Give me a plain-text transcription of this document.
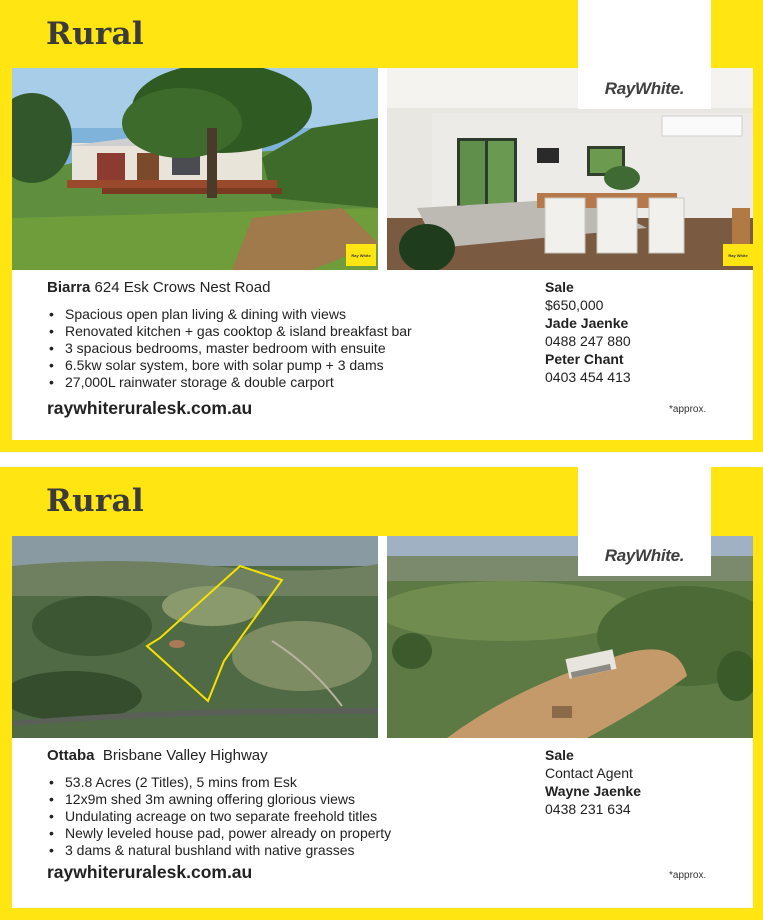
Rural
Ray White	Ray White

Biarra 624 Esk Crows Nest Road

• Spacious open plan living & dining with views
• Renovated kitchen + gas cooktop & island breakfast bar
• 3 spacious bedrooms, master bedroom with ensuite
• 6.5kw solar system, bore with solar pump + 3 dams
• 27,000L rainwater storage & double carport
raywhiteruralesk.com.au
Sale
$650,000
Jade Jaenke
0488 247 880
Peter Chant
0403 454 413
*approx.
RayWhite.
Rural

Ottaba  Brisbane Valley Highway

• 53.8 Acres (2 Titles), 5 mins from Esk
• 12x9m shed 3m awning offering glorious views
• Undulating acreage on two separate freehold titles
• Newly leveled house pad, power already on property
• 3 dams & natural bushland with native grasses
raywhiteruralesk.com.au
Sale
Contact Agent
Wayne Jaenke
0438 231 634
*approx.
RayWhite.
